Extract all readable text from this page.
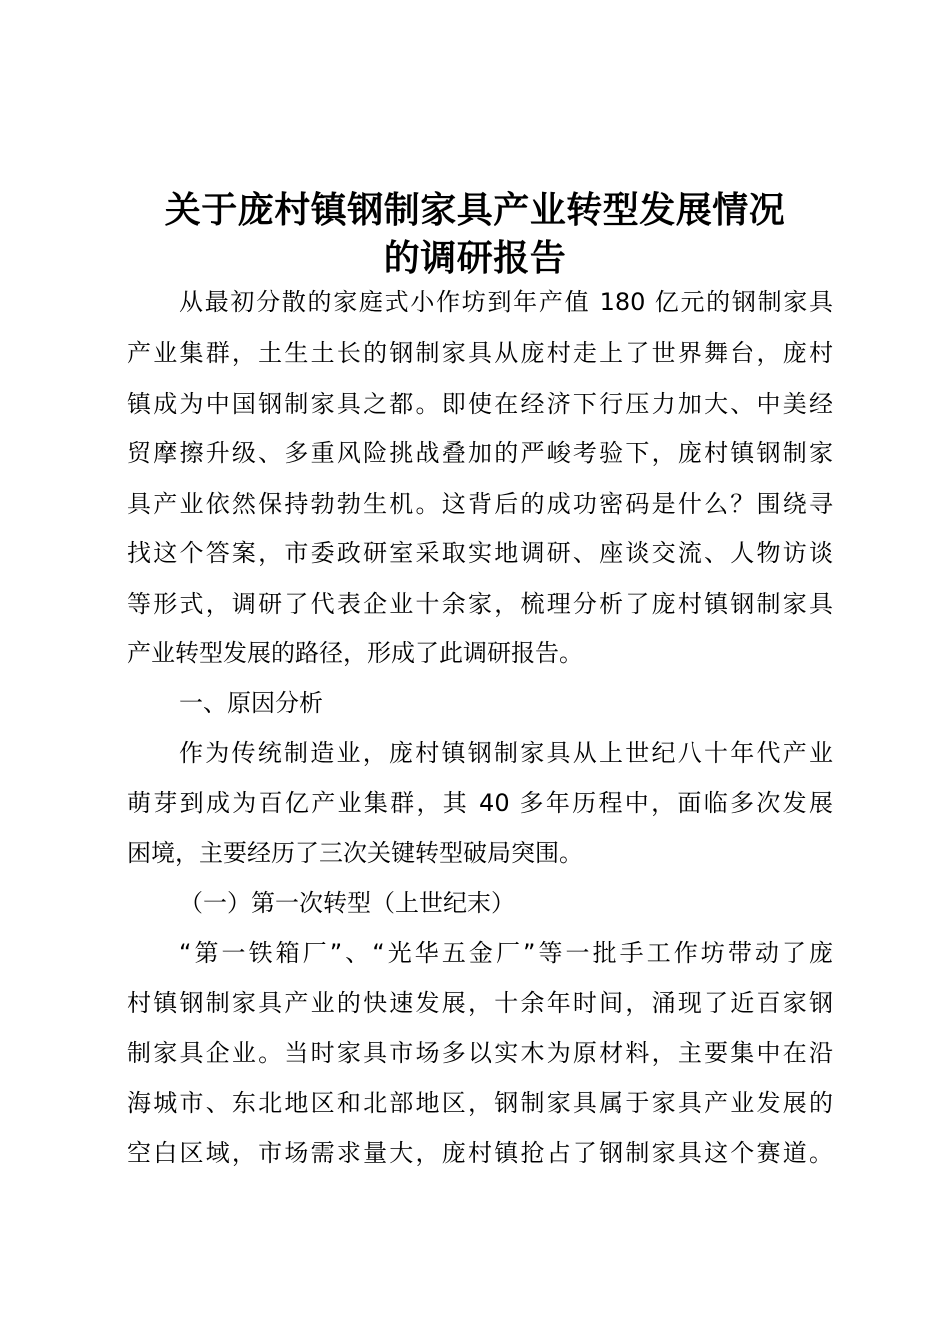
关于庞村镇钢制家具产业转型发展情况
的调研报告
从最初分散的家庭式小作坊到年产值 180 亿元的钢制家具
产业集群，土生土长的钢制家具从庞村走上了世界舞台，庞村
镇成为中国钢制家具之都。即使在经济下行压力加大、中美经
贸摩擦升级、多重风险挑战叠加的严峻考验下，庞村镇钢制家
具产业依然保持勃勃生机。这背后的成功密码是什么？围绕寻
找这个答案，市委政研室采取实地调研、座谈交流、人物访谈
等形式，调研了代表企业十余家，梳理分析了庞村镇钢制家具
产业转型发展的路径，形成了此调研报告。
一、原因分析
作为传统制造业，庞村镇钢制家具从上世纪八十年代产业
萌芽到成为百亿产业集群，其 40 多年历程中，面临多次发展
困境，主要经历了三次关键转型破局突围。
（一）第一次转型（上世纪末）
“第一铁箱厂”、“光华五金厂”等一批手工作坊带动了庞
村镇钢制家具产业的快速发展，十余年时间，涌现了近百家钢
制家具企业。当时家具市场多以实木为原材料，主要集中在沿
海城市、东北地区和北部地区，钢制家具属于家具产业发展的
空白区域，市场需求量大，庞村镇抢占了钢制家具这个赛道。
